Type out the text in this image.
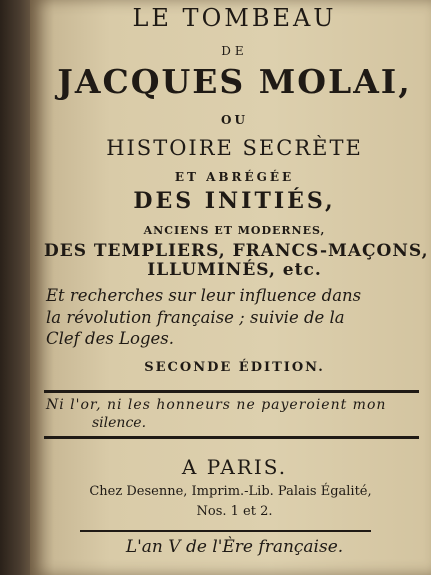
LE TOMBEAU
DE
JACQUES MOLAI,
OU
HISTOIRE SECRÈTE
ET ABRÉGÉE
DES INITIÉS,
ANCIENS ET MODERNES,
DES TEMPLIERS, FRANCS-MAÇONS,
ILLUMINÉS, etc.
Et recherches sur leur influence dans
la révolution française ; suivie de la
Clef des Loges.
SECONDE ÉDITION.
Ni l'or, ni les honneurs ne payeroient mon
silence.
A PARIS.
Chez Desenne, Imprim.-Lib. Palais Égalité,
Nos. 1 et 2.
L'an V de l'Ère française.
